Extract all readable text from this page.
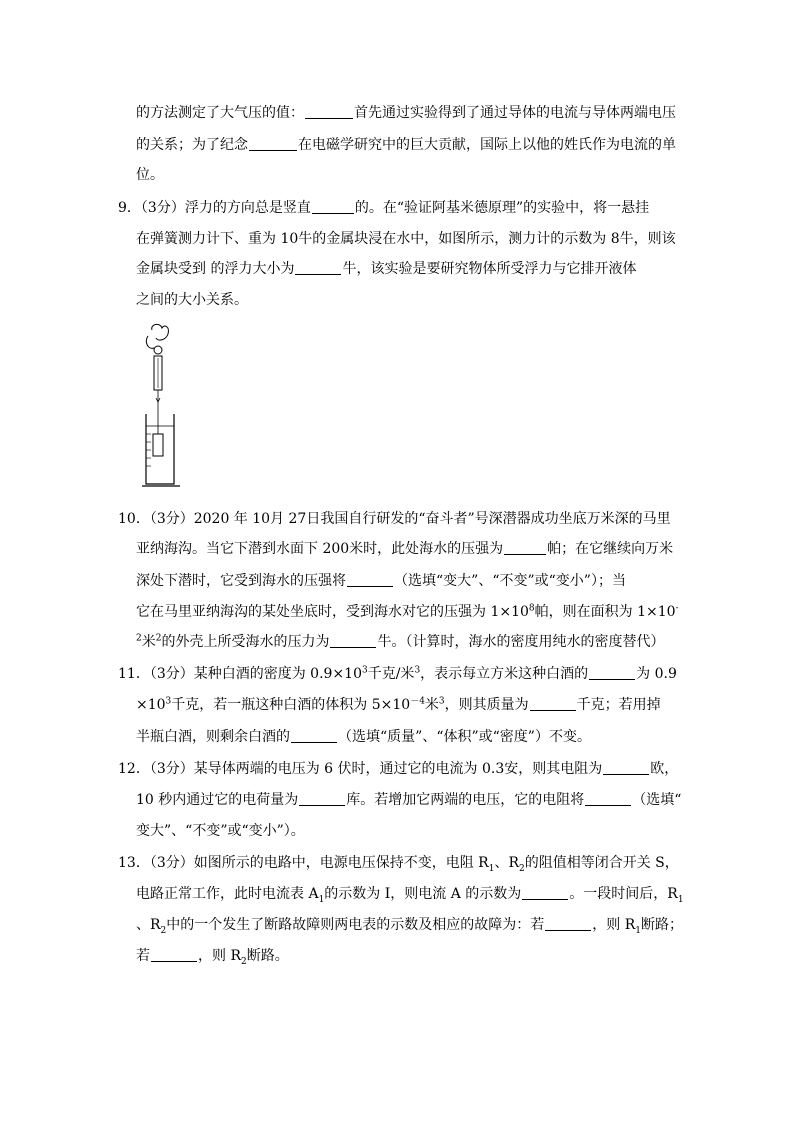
的方法测定了大气压的值：	首先通过实验得到了通过导体的电流与导体两端电压
的关系；为了纪念	在电磁学研究中的巨大贡献，国际上以他的姓氏作为电流的单
位。
9．（3分）浮力的方向总是竖直	的。在“验证阿基米德原理”的实验中，将一悬挂
在弹簧测力计下、重为 10牛的金属块浸在水中，如图所示，测力计的示数为 8牛，则该
金属块受到 的浮力大小为	牛，该实验是要研究物体所受浮力与它排开液体
之间的大小关系。
10．（3分）2020 年 10月 27日我国自行研发的“奋斗者”号深潜器成功坐底万米深的马里
亚纳海沟。当它下潜到水面下 200米时，此处海水的压强为	帕；在它继续向万米
深处下潜时，它受到海水的压强将	（选填“变大”、“不变”或“变小”）；当
它在马里亚纳海沟的某处坐底时，受到海水对它的压强为 $1\times 10^8$帕，则在面积为 1×10-
$^2$米$^2$的外壳上所受海水的压力为	牛。（计算时，海水的密度用纯水的密度替代）
11．（3分）某种白酒的密度为 $0.9\times 10^3$千克/米$^3$，表示每立方米这种白酒的	为 0.9
$\times 10^3$千克，若一瓶这种白酒的体积为 $5\times 10^{-4}$米$^3$，则其质量为	千克；若用掉
半瓶白酒，则剩余白酒的	（选填“质量”、“体积”或“密度”）不变。
12．（3分）某导体两端的电压为 6 伏时，通过它的电流为 0.3安，则其电阻为	欧，
10 秒内通过它的电荷量为	库。若增加它两端的电压，它的电阻将	（选填“
变大”、“不变”或“变小”）。
13．（3分）如图所示的电路中，电源电压保持不变，电阻 $R_1$、$R_2$的阻值相等闭合开关 S，
电路正常工作，此时电流表 $A_1$的示数为 I，则电流 A 的示数为	。一段时间后，$R_1$
、$R_2$中的一个发生了断路故障则两电表的示数及相应的故障为：若	，则 $R_1$断路；
若	，则 $R_2$断路。
